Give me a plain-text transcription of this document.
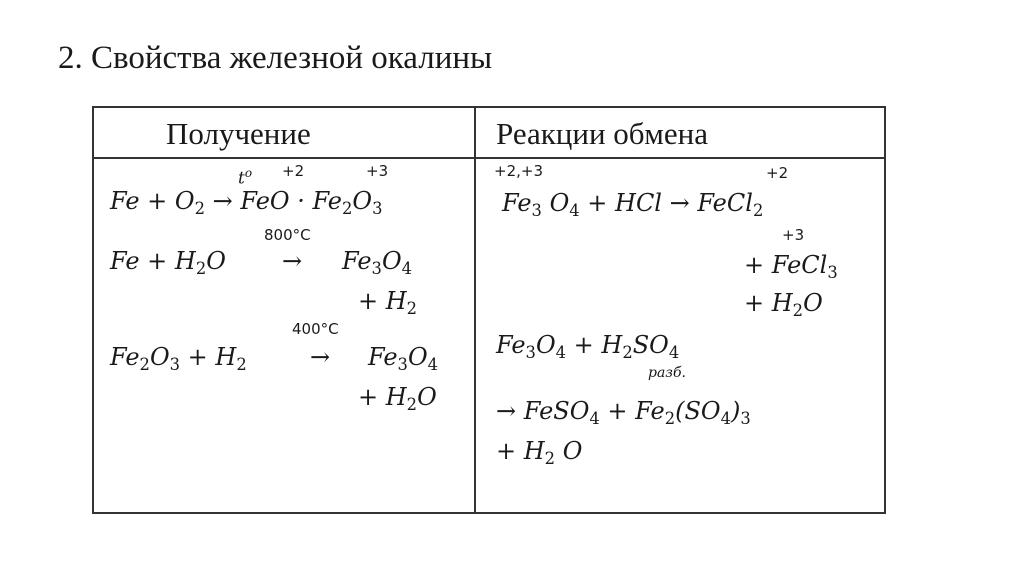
2. Свойства железной окалины
Получение	Реакции обмена
$t^o +2$	+3
Fe + O2 → FeO · Fe2O3
800°C
Fe + H2O → Fe3O4
+ H2
400°C
Fe2O3 + H2	→ Fe3O4
+ H2O
+2,+3	+2
Fe3 O4 + HCl → FeCl2
+3
+ FeCl3
+ H2O
Fe3O4 + H2SO4
разб.
→ FeSO4 + Fe2(SO4)3
+ H2 O
